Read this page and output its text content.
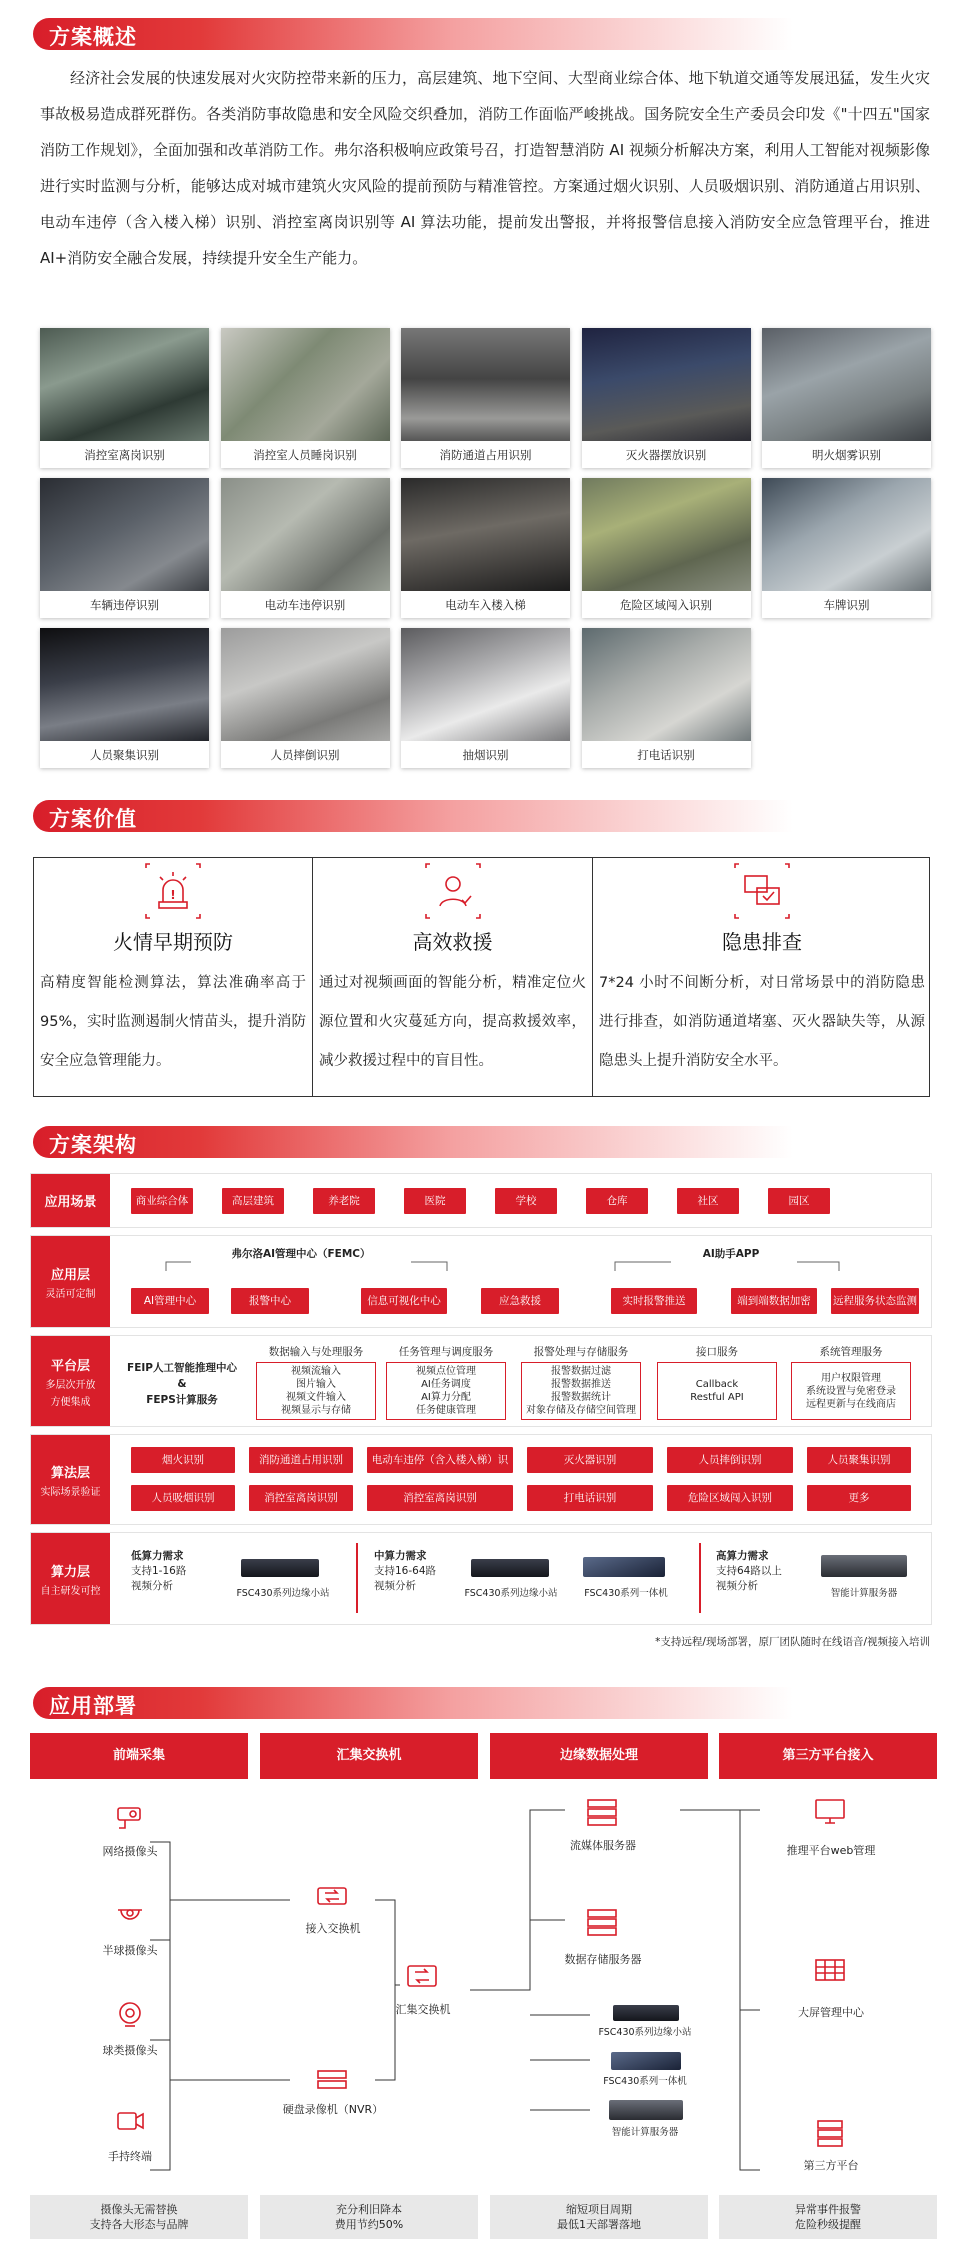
方案概述

经济社会发展的快速发展对火灾防控带来新的压力，高层建筑、地下空间、大型商业综合体、地下轨道交通等发展迅猛，发生火灾事故极易造成群死群伤。各类消防事故隐患和安全风险交织叠加，消防工作面临严峻挑战。国务院安全生产委员会印发《"十四五"国家消防工作规划》，全面加强和改革消防工作。弗尔洛积极响应政策号召，打造智慧消防 AI 视频分析解决方案，利用人工智能对视频影像进行实时监测与分析，能够达成对城市建筑火灾风险的提前预防与精准管控。方案通过烟火识别、人员吸烟识别、消防通道占用识别、电动车违停（含入楼入梯）识别、消控室离岗识别等 AI 算法功能，提前发出警报，并将报警信息接入消防安全应急管理平台，推进 AI+消防安全融合发展，持续提升安全生产能力。

消控室离岗识别	消控室人员睡岗识别	消防通道占用识别	灭火器摆放识别	明火烟雾识别
车辆违停识别	电动车违停识别	电动车入楼入梯	危险区域闯入识别	车牌识别
人员聚集识别	人员摔倒识别	抽烟识别	打电话识别
方案价值
!
火情早期预防
高精度智能检测算法，算法准确率高于 95%，实时监测遏制火情苗头，提升消防安全应急管理能力。
高效救援
通过对视频画面的智能分析，精准定位火源位置和火灾蔓延方向，提高救援效率，减少救援过程中的盲目性。
隐患排查
7*24 小时不间断分析，对日常场景中的消防隐患进行排查，如消防通道堵塞、灭火器缺失等，从源隐患头上提升消防安全水平。
方案架构
应用场景	商业综合体	高层建筑	养老院	医院	学校	仓库	社区	园区
应用层
灵活可定制
弗尔洛AI管理中心（FEMC）	AI助手APP
AI管理中心	报警中心	信息可视化中心	应急救援	实时报警推送	端到端数据加密	远程服务状态监测
平台层
多层次开放
方便集成
FEIP人工智能推理中心
&
FEPS计算服务
数据输入与处理服务
视频流输入
图片输入
视频文件输入
视频显示与存储
任务管理与调度服务
视频点位管理
AI任务调度
AI算力分配
任务健康管理
报警处理与存储服务
报警数据过滤
报警数据推送
报警数据统计
对象存储及存储空间管理
接口服务
Callback
Restful API
系统管理服务
用户权限管理
系统设置与免密登录
远程更新与在线商店
算法层
实际场景验证
烟火识别	消防通道占用识别	电动车违停（含入楼入梯）识	灭火器识别	人员摔倒识别	人员聚集识别
人员吸烟识别	消控室离岗识别	消控室离岗识别	打电话识别	危险区域闯入识别	更多
算力层
自主研发可控
低算力需求
支持1-16路
视频分析
FSC430系列边缘小站
中算力需求
支持16-64路
视频分析
FSC430系列边缘小站	FSC430系列一体机
高算力需求
支持64路以上
视频分析
智能计算服务器
*支持远程/现场部署，原厂团队随时在线语音/视频接入培训
应用部署
前端采集	汇集交换机	边缘数据处理	第三方平台接入
网络摄像头
半球摄像头
球类摄像头
手持终端
接入交换机
硬盘录像机（NVR）
汇集交换机
流媒体服务器
数据存储服务器
FSC430系列边缘小站
FSC430系列一体机
智能计算服务器
推理平台web管理
大屏管理中心
第三方平台
摄像头无需替换
支持各大形态与品牌
充分利旧降本
费用节约50%
缩短项目周期
最低1天部署落地
异常事件报警
危险秒级提醒
